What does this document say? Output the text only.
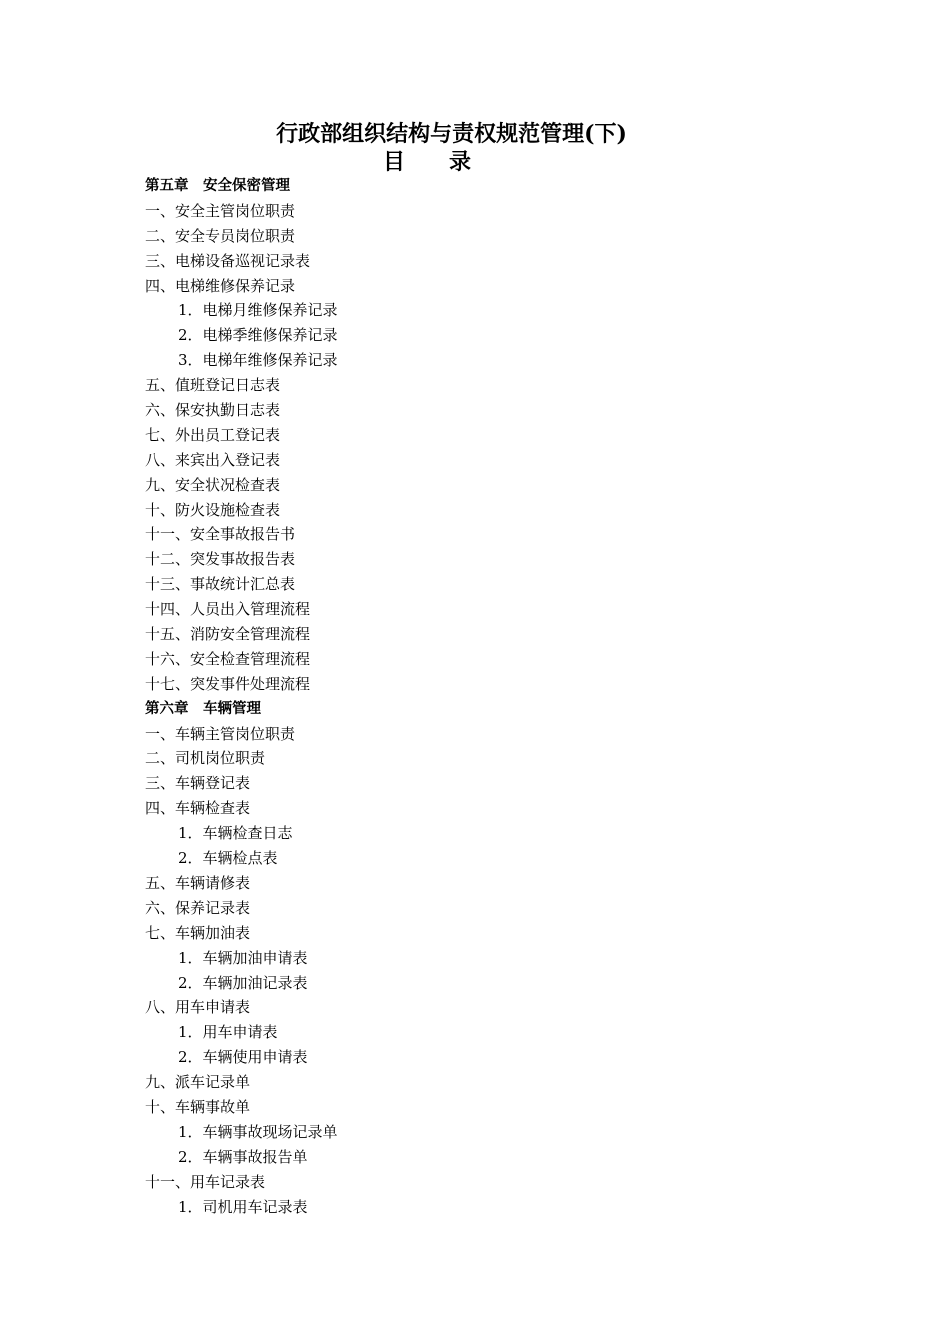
行政部组织结构与责权规范管理(下)
目　　录
第五章　安全保密管理
一、安全主管岗位职责
二、安全专员岗位职责
三、电梯设备巡视记录表
四、电梯维修保养记录
1．电梯月维修保养记录
2．电梯季维修保养记录
3．电梯年维修保养记录
五、值班登记日志表
六、保安执勤日志表
七、外出员工登记表
八、来宾出入登记表
九、安全状况检查表
十、防火设施检查表
十一、安全事故报告书
十二、突发事故报告表
十三、事故统计汇总表
十四、人员出入管理流程
十五、消防安全管理流程
十六、安全检查管理流程
十七、突发事件处理流程
第六章　车辆管理
一、车辆主管岗位职责
二、司机岗位职责
三、车辆登记表
四、车辆检查表
1．车辆检查日志
2．车辆检点表
五、车辆请修表
六、保养记录表
七、车辆加油表
1．车辆加油申请表
2．车辆加油记录表
八、用车申请表
1．用车申请表
2．车辆使用申请表
九、派车记录单
十、车辆事故单
1．车辆事故现场记录单
2．车辆事故报告单
十一、用车记录表
1．司机用车记录表
